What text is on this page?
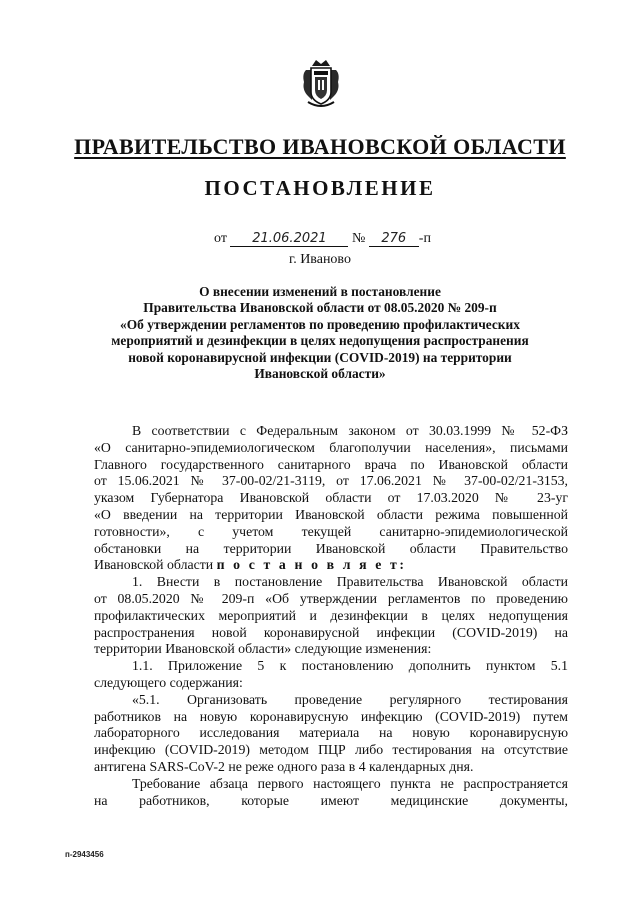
ПРАВИТЕЛЬСТВО ИВАНОВСКОЙ ОБЛАСТИ
ПОСТАНОВЛЕНИЕ
от 21.06.2021 № 276 -п
г. Иваново
О внесении изменений в постановление
Правительства Ивановской области от 08.05.2020 № 209-п
«Об утверждении регламентов по проведению профилактических
мероприятий и дезинфекции в целях недопущения распространения
новой коронавирусной инфекции (COVID-2019) на территории
Ивановской области»
В соответствии с Федеральным законом от 30.03.1999 № 52-ФЗ
«О санитарно-эпидемиологическом благополучии населения», письмами
Главного государственного санитарного врача по Ивановской области
от 15.06.2021 № 37-00-02/21-3119, от 17.06.2021 № 37-00-02/21-3153,
указом Губернатора Ивановской области от 17.03.2020 № 23-уг
«О введении на территории Ивановской области режима повышенной
готовности», с учетом текущей санитарно-эпидемиологической
обстановки на территории Ивановской области Правительство
Ивановской области п о с т а н о в л я е т:
1. Внести в постановление Правительства Ивановской области
от 08.05.2020 № 209-п «Об утверждении регламентов по проведению
профилактических мероприятий и дезинфекции в целях недопущения
распространения новой коронавирусной инфекции (COVID-2019) на
территории Ивановской области» следующие изменения:
1.1. Приложение 5 к постановлению дополнить пунктом 5.1
следующего содержания:
«5.1. Организовать проведение регулярного тестирования
работников на новую коронавирусную инфекцию (COVID-2019) путем
лабораторного исследования материала на новую коронавирусную
инфекцию (COVID-2019) методом ПЦР либо тестирования на отсутствие
антигена SARS-CoV-2 не реже одного раза в 4 календарных дня.
Требование абзаца первого настоящего пункта не распространяется
на работников, которые имеют медицинские документы,
п-2943456
